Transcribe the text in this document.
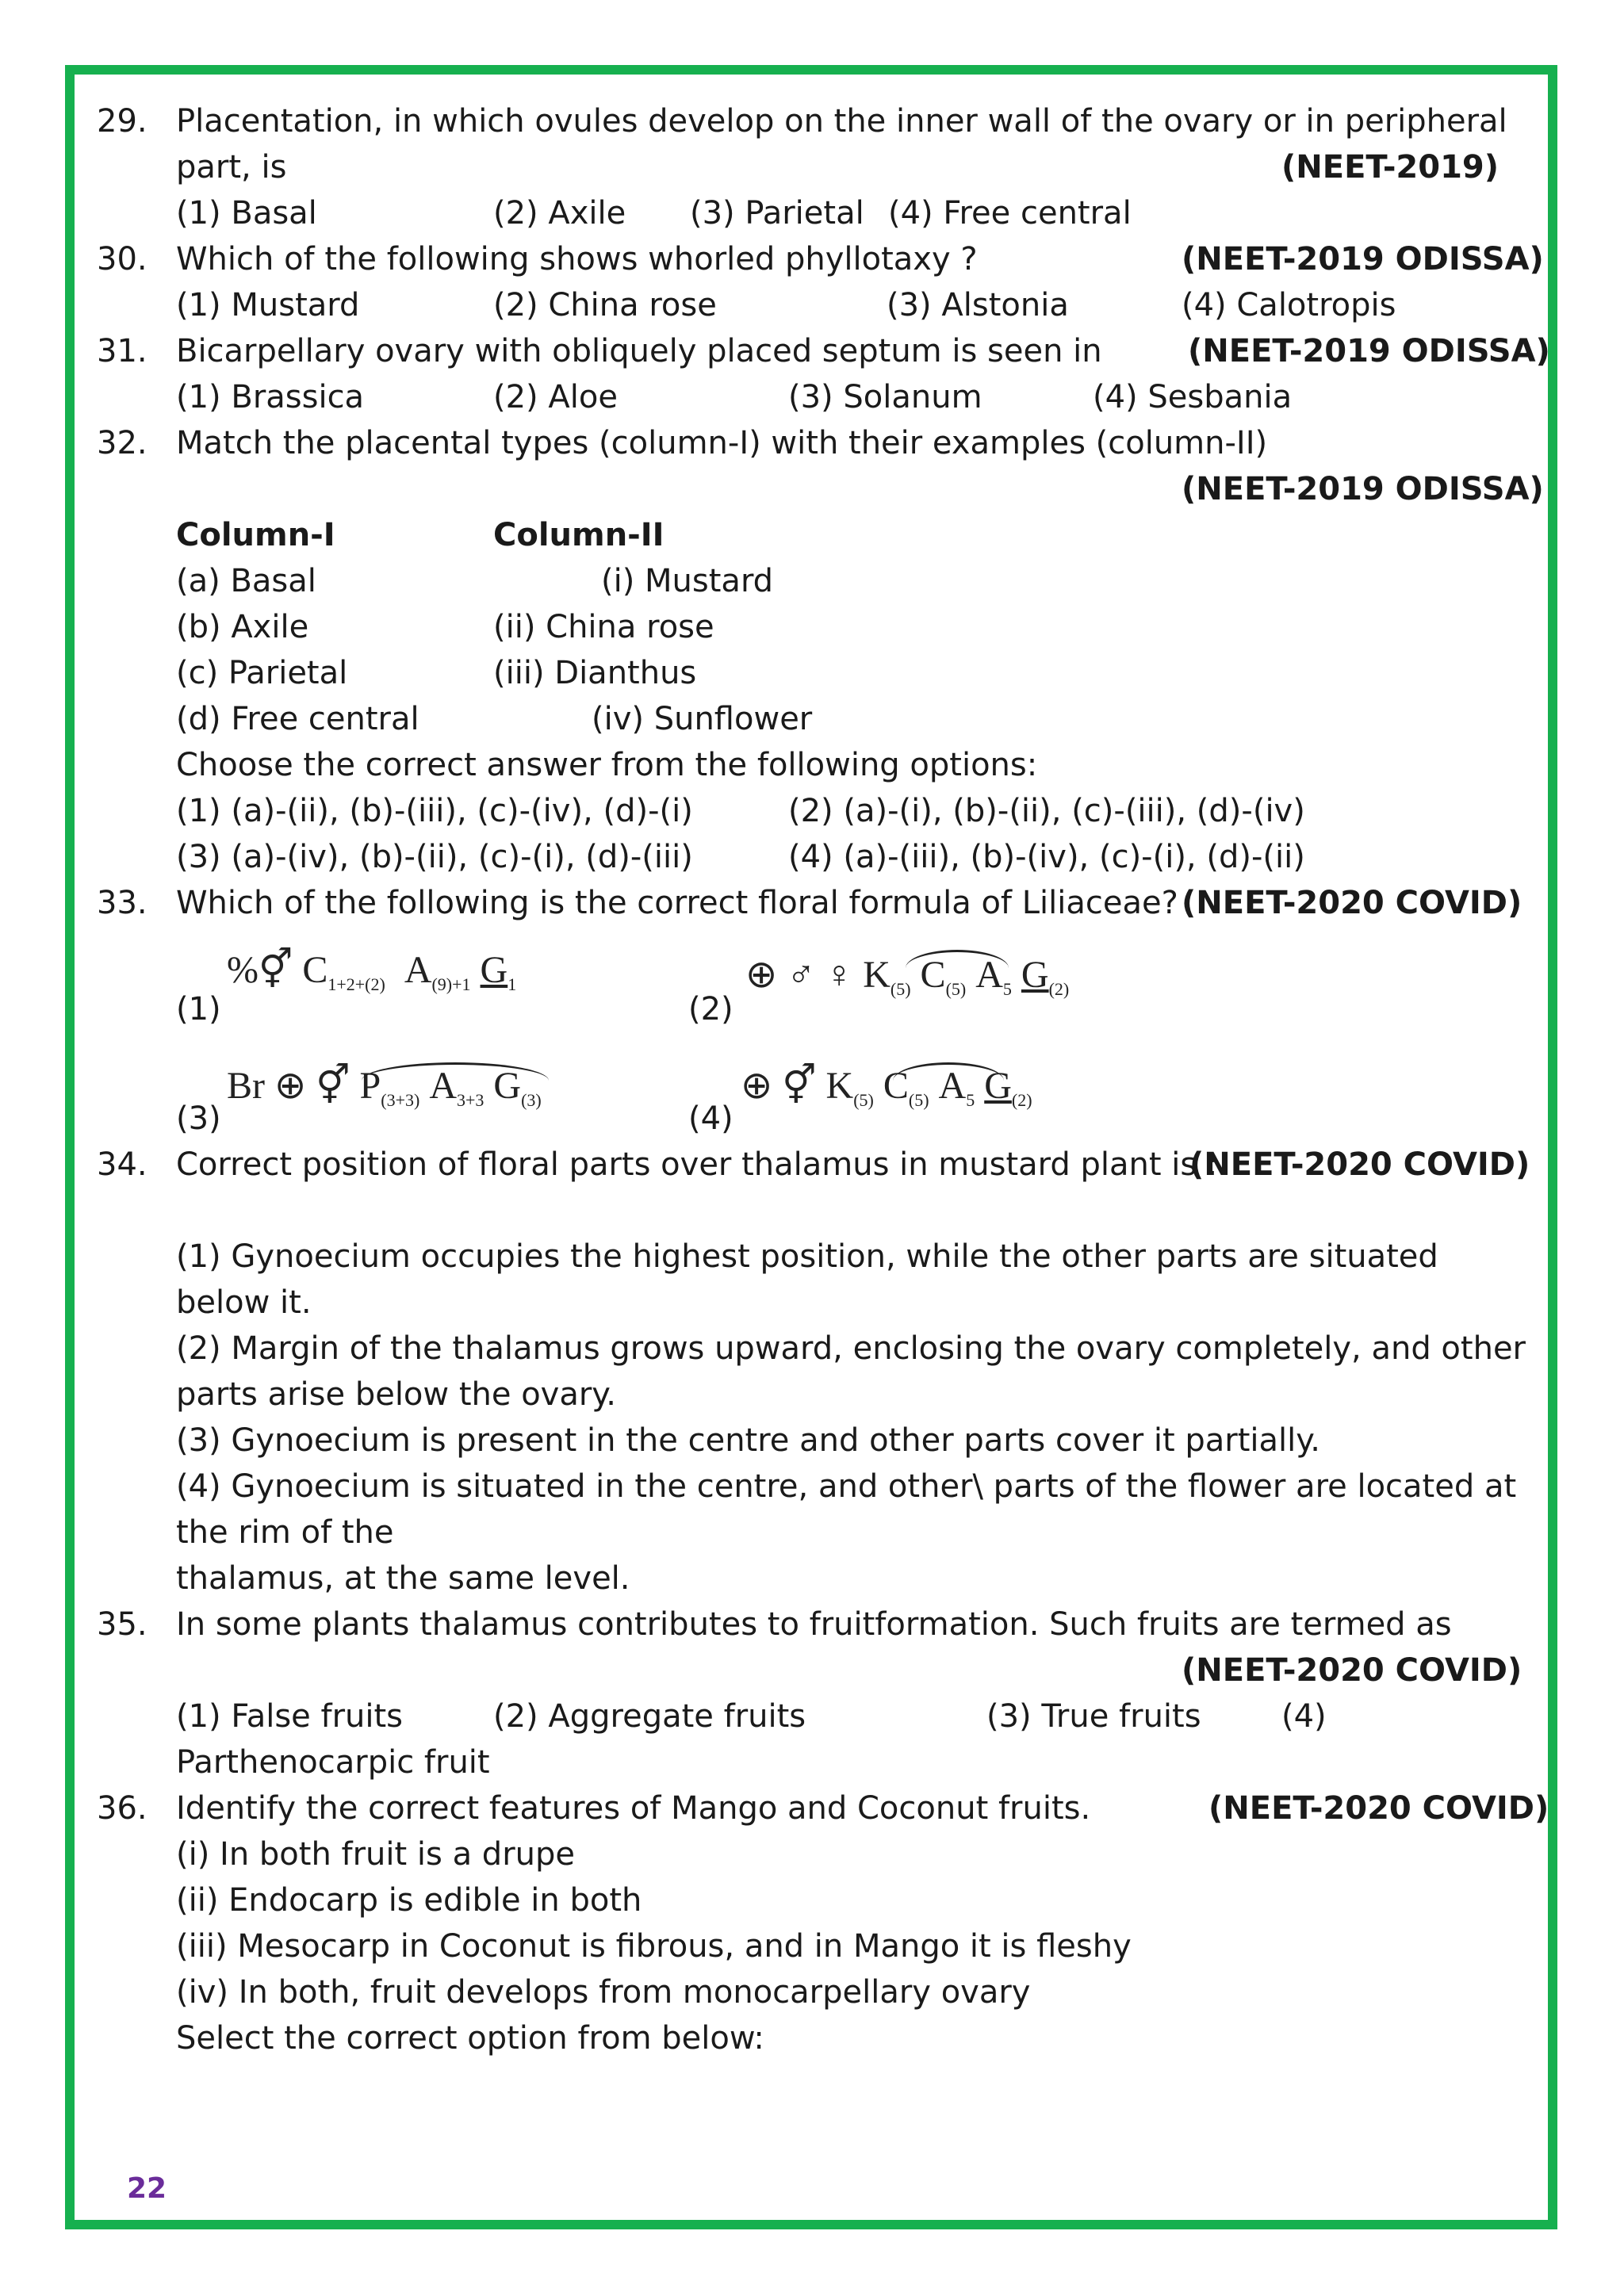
29. Placentation, in which ovules develop on the inner wall of the ovary or in peripheral
part, is	(NEET-2019)
(1) Basal	(2) Axile (3) Parietal (4) Free central
30. Which of the following shows whorled phyllotaxy ?	(NEET-2019 ODISSA)
(1) Mustard	(2) China rose	(3) Alstonia	(4) Calotropis
31. Bicarpellary ovary with obliquely placed septum is seen in	(NEET-2019 ODISSA)
(1) Brassica	(2) Aloe	(3) Solanum	(4) Sesbania
32. Match the placental types (column-I) with their examples (column-II)
(NEET-2019 ODISSA)
Column-I	Column-II
(a) Basal	(i) Mustard
(b) Axile	(ii) China rose
(c) Parietal	(iii) Dianthus
(d) Free central	(iv) Sunflower
Choose the correct answer from the following options:
(1) (a)-(ii), (b)-(iii), (c)-(iv), (d)-(i)	(2) (a)-(i), (b)-(ii), (c)-(iii), (d)-(iv)
(3) (a)-(iv), (b)-(ii), (c)-(i), (d)-(iii)	(4) (a)-(iii), (b)-(iv), (c)-(i), (d)-(ii)
33. Which of the following is the correct floral formula of Liliaceae? (NEET-2020 COVID)
(1)
%⚥ $C_{1+2+(2)}$  $A_{(9)+1}$ $G_1$
(2)
⊕ ♂ ♀ $K_{(5)}$ $C_{(5)}$ $A_5$ $G_{(2)}$
(3)
Br ⊕ ⚥ $P_{(3+3)}$ $A_{3+3}$ $G_{(3)}$
(4)
⊕ ⚥ $K_{(5)}$ $C_{(5)}$ $A_5$ $G_{(2)}$
34. Correct position of floral parts over thalamus in mustard plant is :
(NEET-2020 COVID)
(1) Gynoecium occupies the highest position, while the other parts are situated
below it.
(2) Margin of the thalamus grows upward, enclosing the ovary completely, and other
parts arise below the ovary.
(3) Gynoecium is present in the centre and other parts cover it partially.
(4) Gynoecium is situated in the centre, and other\ parts of the flower are located at
the rim of the
thalamus, at the same level.
35. In some plants thalamus contributes to fruitformation. Such fruits are termed as
(NEET-2020 COVID)
(1) False fruits	(2) Aggregate fruits	(3) True fruits	(4)
Parthenocarpic fruit
36. Identify the correct features of Mango and Coconut fruits.	(NEET-2020 COVID)
(i) In both fruit is a drupe
(ii) Endocarp is edible in both
(iii) Mesocarp in Coconut is fibrous, and in Mango it is fleshy
(iv) In both, fruit develops from monocarpellary ovary
Select the correct option from below:
22
